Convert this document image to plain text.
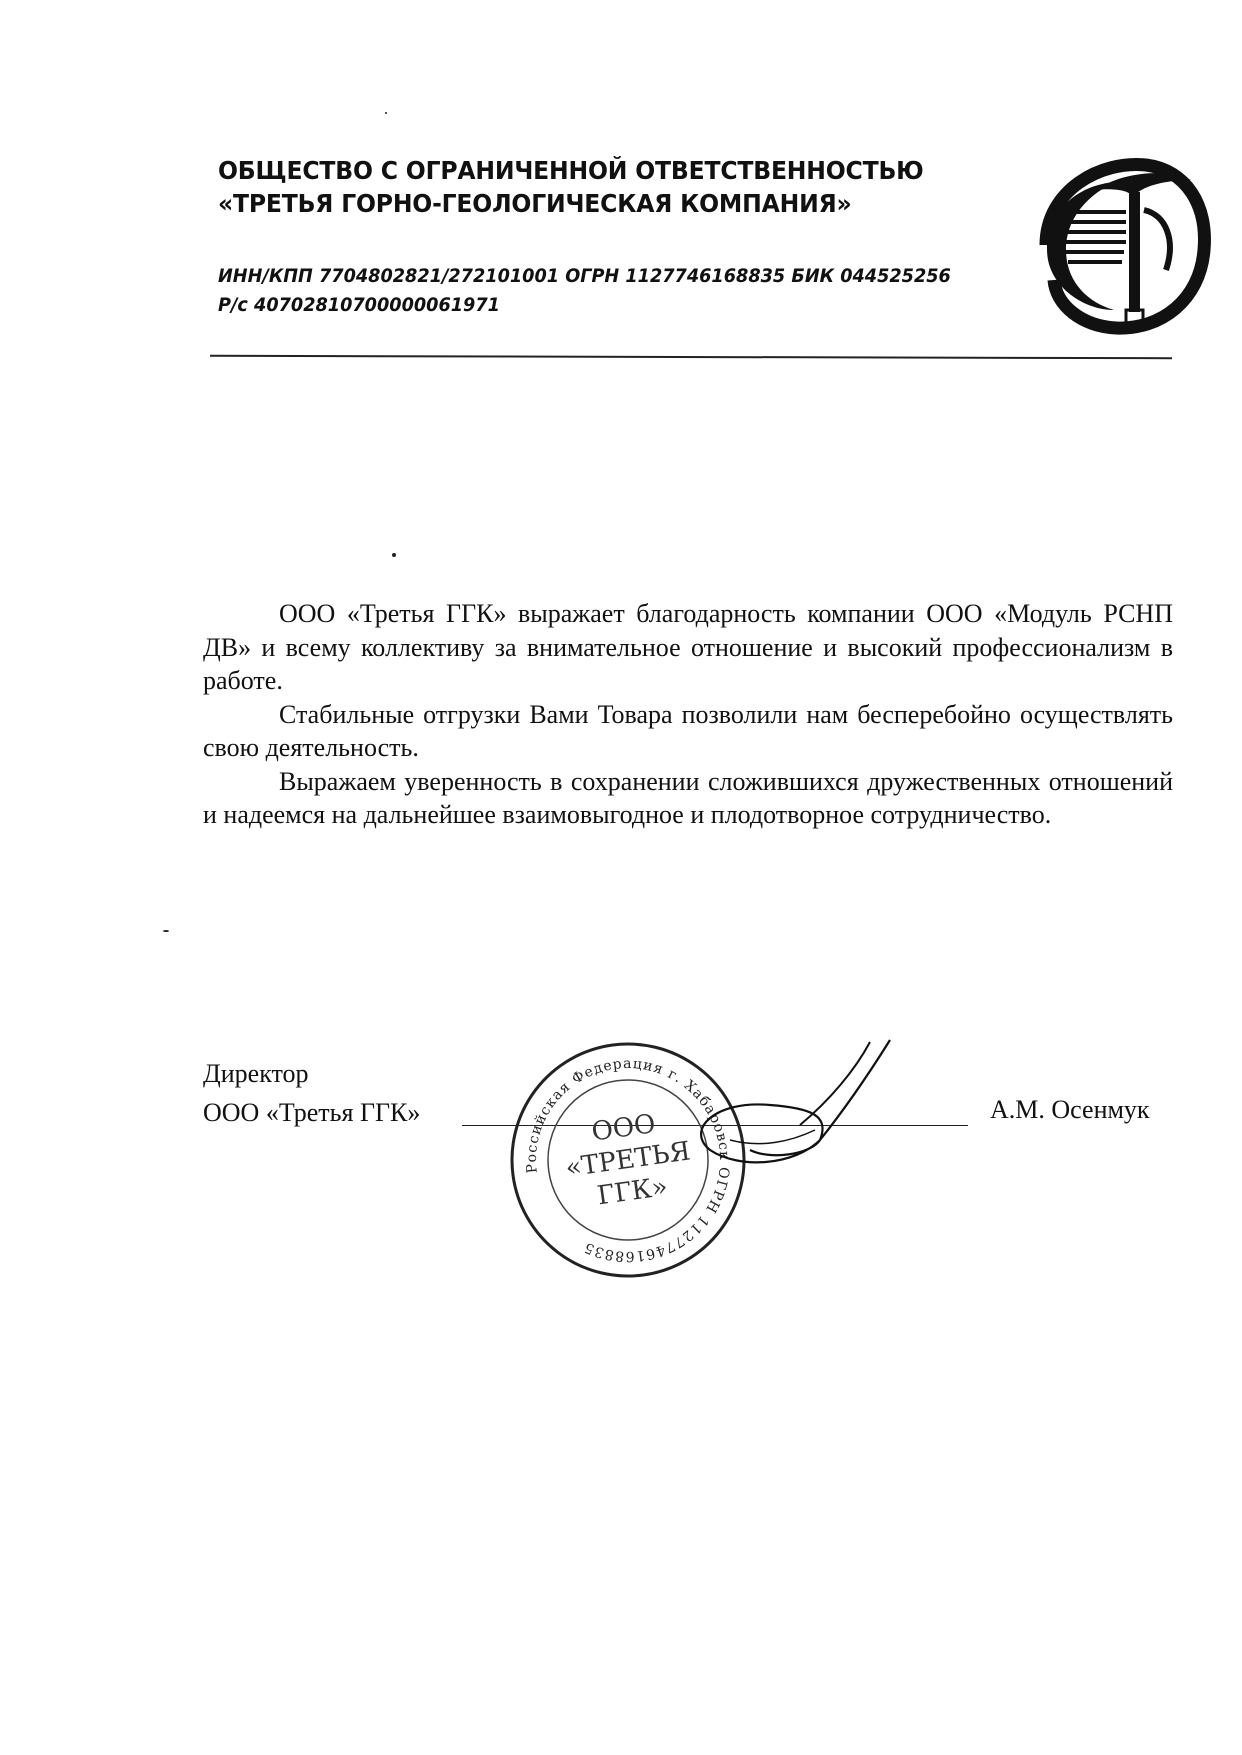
ОБЩЕСТВО С ОГРАНИЧЕННОЙ ОТВЕТСТВЕННОСТЬЮ
«ТРЕТЬЯ ГОРНО-ГЕОЛОГИЧЕСКАЯ КОМПАНИЯ»
ИНН/КПП 7704802821/272101001 ОГРН 1127746168835 БИК 044525256
Р/с 40702810700000061971

ООО «Третья ГГК» выражает благодарность компании ООО «Модуль РСНП ДВ» и всему коллективу за внимательное отношение и высокий профессионализм в работе.

Стабильные отгрузки Вами Товара позволили нам бесперебойно осуществлять свою деятельность.

Выражаем уверенность в сохранении сложившихся дружественных отношений и надеемся на дальнейшее взаимовыгодное и плодотворное сотрудничество.

Директор
ООО «Третья ГГК»	А.М. Осенмук
Российская Федерация г. Хабаровск ОГРН 1127746168835
ООО
«ТРЕТЬЯ
ГГК»
